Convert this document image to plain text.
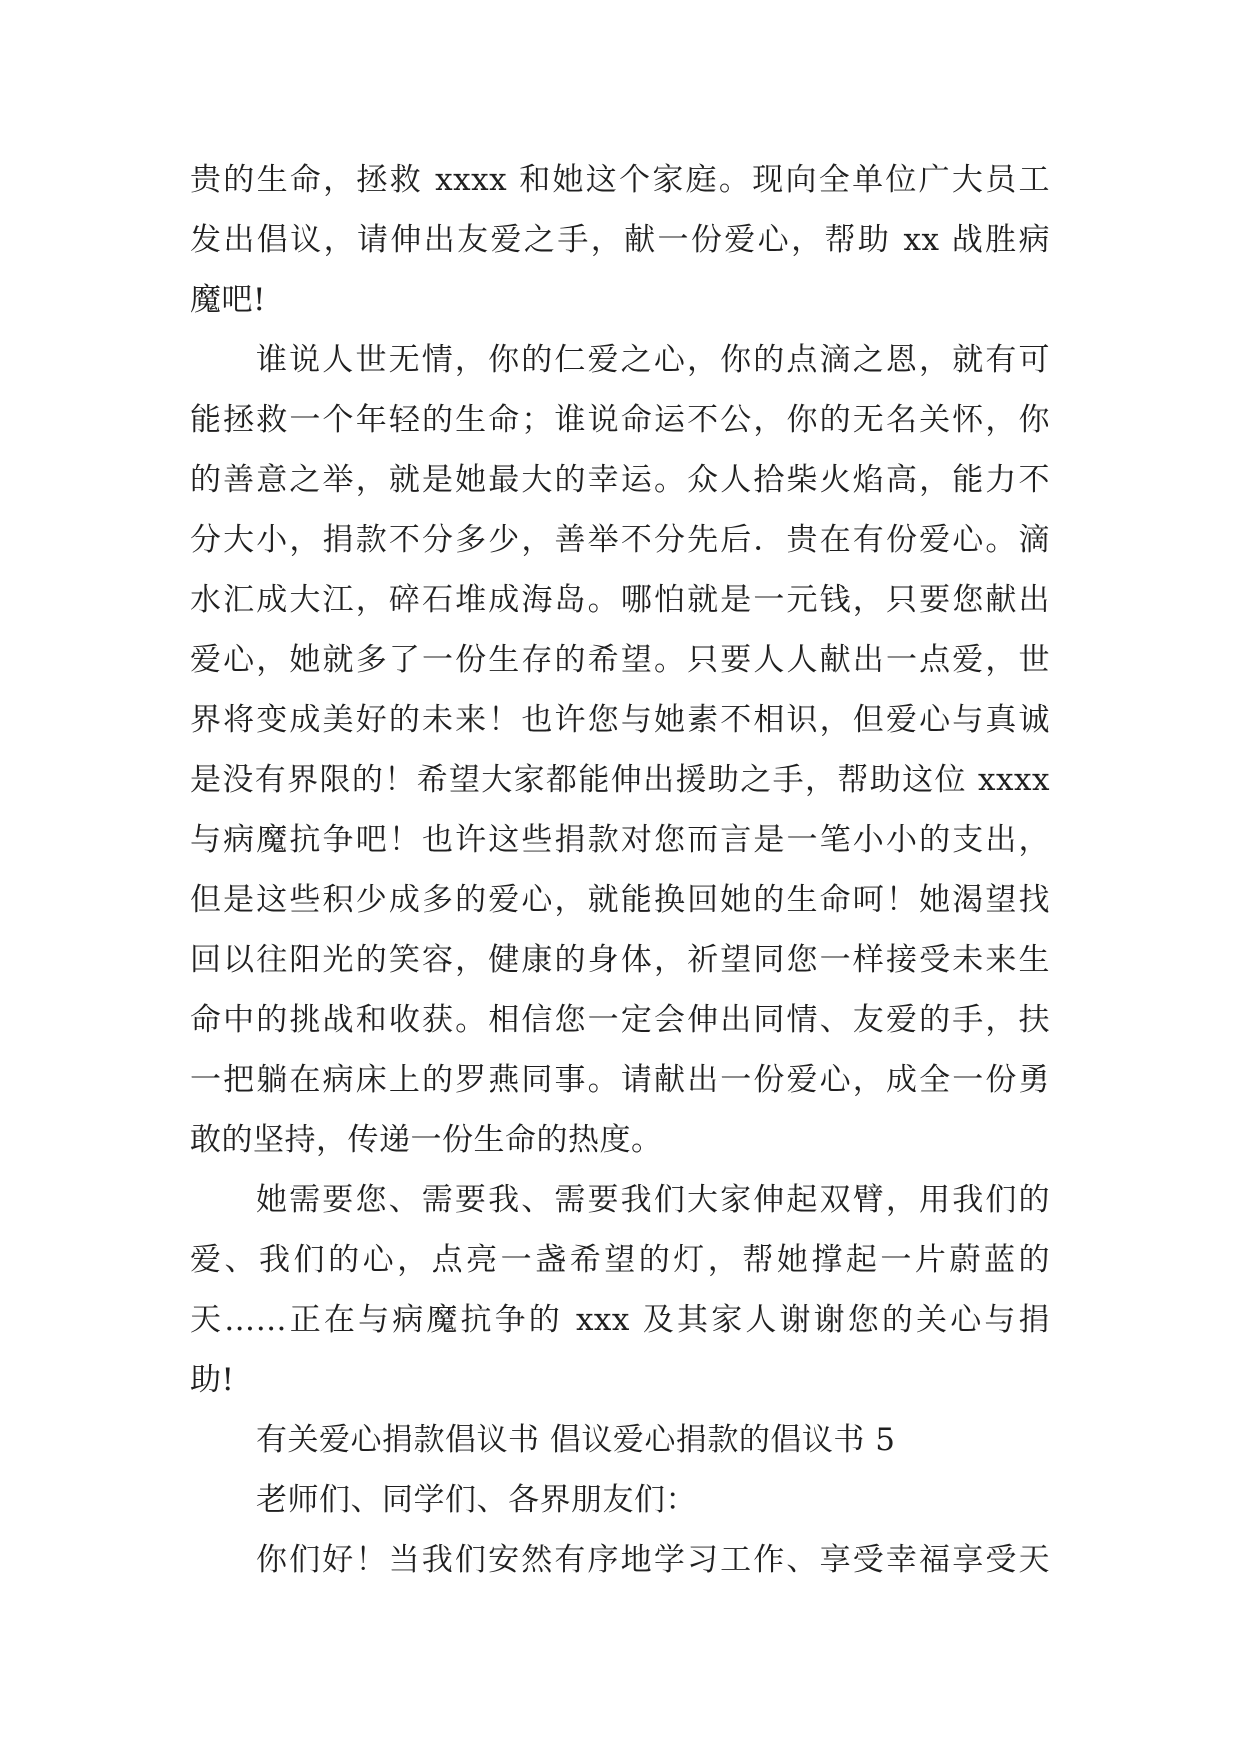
贵的生命，拯救 xxxx 和她这个家庭。现向全单位广大员工
发出倡议，请伸出友爱之手，献一份爱心，帮助 xx 战胜病
魔吧!
谁说人世无情，你的仁爱之心，你的点滴之恩，就有可
能拯救一个年轻的生命；谁说命运不公，你的无名关怀，你
的善意之举，就是她最大的幸运。众人拾柴火焰高，能力不
分大小，捐款不分多少，善举不分先后．贵在有份爱心。滴
水汇成大江，碎石堆成海岛。哪怕就是一元钱，只要您献出
爱心，她就多了一份生存的希望。只要人人献出一点爱，世
界将变成美好的未来！也许您与她素不相识，但爱心与真诚
是没有界限的！希望大家都能伸出援助之手，帮助这位 xxxx
与病魔抗争吧！也许这些捐款对您而言是一笔小小的支出，
但是这些积少成多的爱心，就能换回她的生命呵！她渴望找
回以往阳光的笑容，健康的身体，祈望同您一样接受未来生
命中的挑战和收获。相信您一定会伸出同情、友爱的手，扶
一把躺在病床上的罗燕同事。请献出一份爱心，成全一份勇
敢的坚持，传递一份生命的热度。
她需要您、需要我、需要我们大家伸起双臂，用我们的
爱、我们的心，点亮一盏希望的灯，帮她撑起一片蔚蓝的
天……正在与病魔抗争的 xxx 及其家人谢谢您的关心与捐
助!
有关爱心捐款倡议书 倡议爱心捐款的倡议书 5
老师们、同学们、各界朋友们：
你们好！当我们安然有序地学习工作、享受幸福享受天
